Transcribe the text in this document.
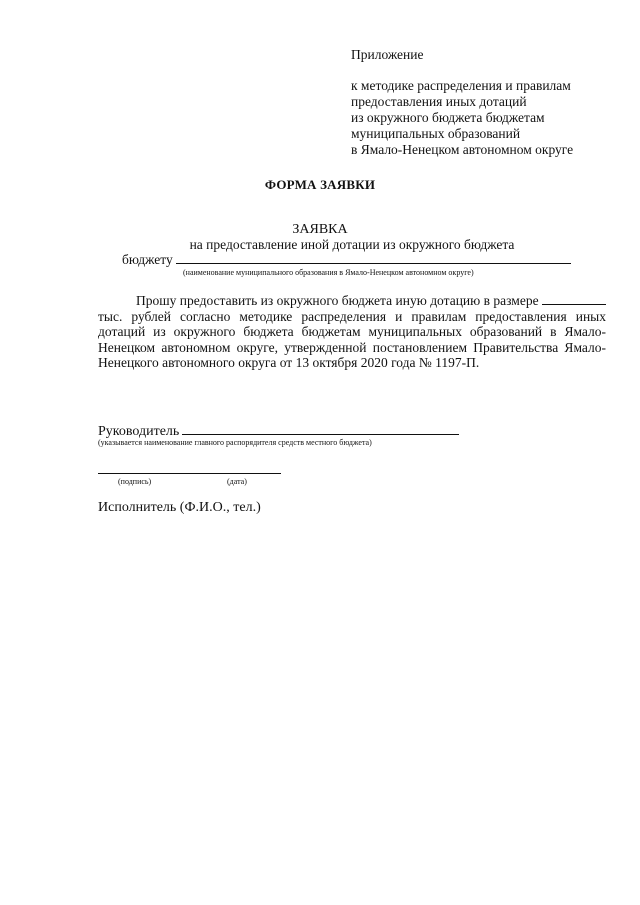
Приложение
к методике распределения и правилам
предоставления иных дотаций
из окружного бюджета бюджетам
муниципальных образований
в Ямало-Ненецком автономном округе
ФОРМА ЗАЯВКИ
ЗАЯВКА
на предоставление иной дотации из окружного бюджета
бюджету
(наименование муниципального образования в Ямало-Ненецком автономном округе)
Прошу предоставить из окружного бюджета иную дотацию в размере  тыс. рублей согласно методике распределения и правилам предоставления иных дотаций из окружного бюджета бюджетам муниципальных образований в Ямало-Ненецком автономном округе, утвержденной постановлением Правительства Ямало-Ненецкого автономного округа от 13 октября 2020 года № 1197-П.
Руководитель
(указывается наименование главного распорядителя средств местного бюджета)
(подпись)	(дата)
Исполнитель (Ф.И.О., тел.)
